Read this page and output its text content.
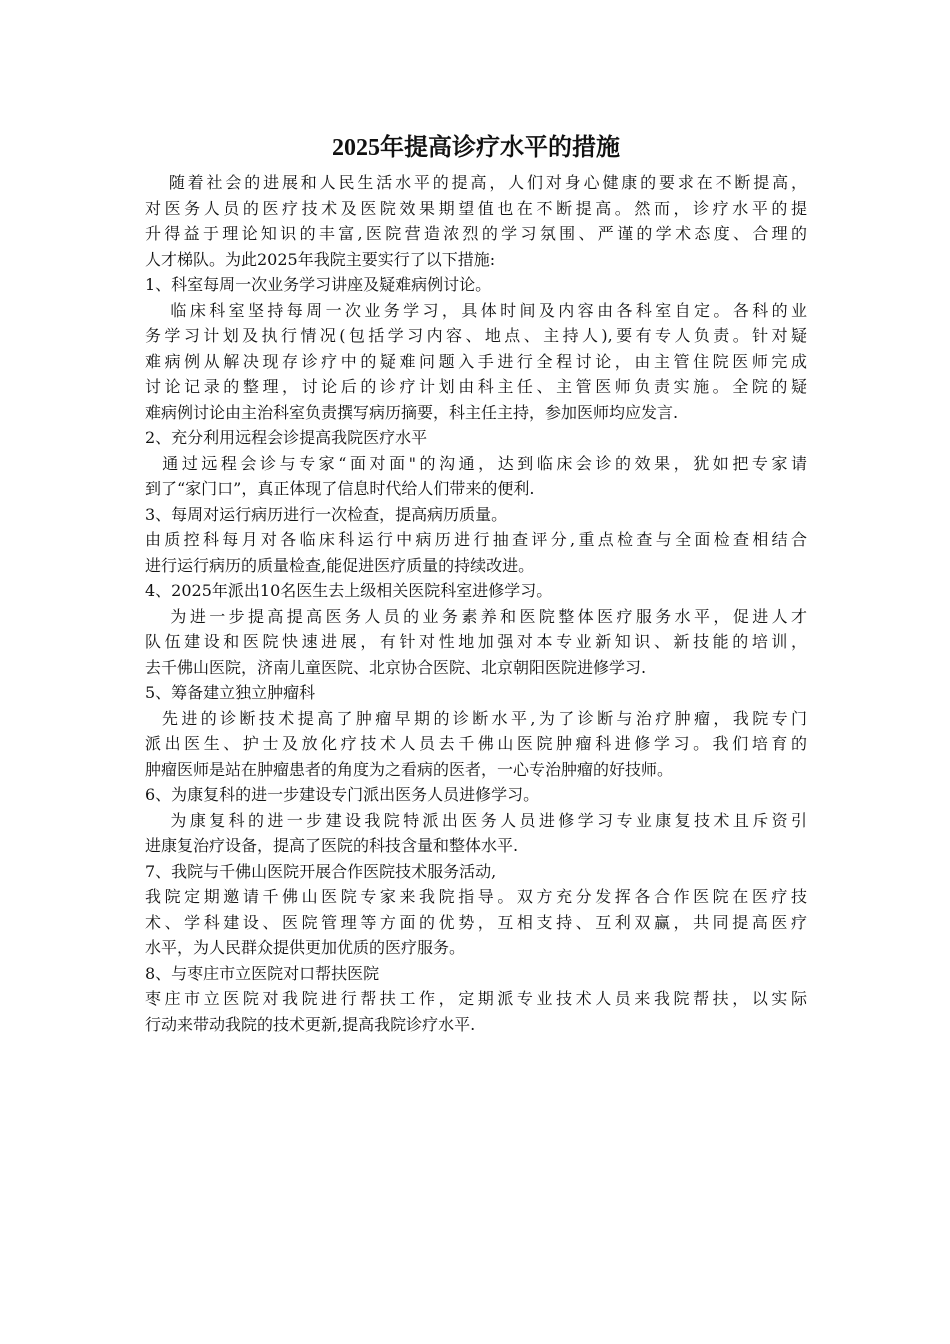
2025年提高诊疗水平的措施
随着社会的进展和人民生活水平的提高，人们对身心健康的要求在不断提高，
对医务人员的医疗技术及医院效果期望值也在不断提高。然而，诊疗水平的提
升得益于理论知识的丰富,医院营造浓烈的学习氛围、严谨的学术态度、合理的
人才梯队。为此2025年我院主要实行了以下措施:
1、科室每周一次业务学习讲座及疑难病例讨论。
临床科室坚持每周一次业务学习，具体时间及内容由各科室自定。各科的业
务学习计划及执行情况(包括学习内容、地点、主持人),要有专人负责。针对疑
难病例从解决现存诊疗中的疑难问题入手进行全程讨论，由主管住院医师完成
讨论记录的整理，讨论后的诊疗计划由科主任、主管医师负责实施。全院的疑
难病例讨论由主治科室负责撰写病历摘要，科主任主持，参加医师均应发言.
2、充分利用远程会诊提高我院医疗水平
通过远程会诊与专家“面对面"的沟通，达到临床会诊的效果，犹如把专家请
到了“家门口”，真正体现了信息时代给人们带来的便利.
3、每周对运行病历进行一次检查，提高病历质量。
由质控科每月对各临床科运行中病历进行抽查评分,重点检查与全面检查相结合
进行运行病历的质量检查,能促进医疗质量的持续改进。
4、2025年派出10名医生去上级相关医院科室进修学习。
为进一步提高提高医务人员的业务素养和医院整体医疗服务水平，促进人才
队伍建设和医院快速进展，有针对性地加强对本专业新知识、新技能的培训，
去千佛山医院，济南儿童医院、北京协合医院、北京朝阳医院进修学习.
5、筹备建立独立肿瘤科
先进的诊断技术提高了肿瘤早期的诊断水平,为了诊断与治疗肿瘤，我院专门
派出医生、护士及放化疗技术人员去千佛山医院肿瘤科进修学习。我们培育的
肿瘤医师是站在肿瘤患者的角度为之看病的医者，一心专治肿瘤的好技师。
6、为康复科的进一步建设专门派出医务人员进修学习。
为康复科的进一步建设我院特派出医务人员进修学习专业康复技术且斥资引
进康复治疗设备，提高了医院的科技含量和整体水平.
7、我院与千佛山医院开展合作医院技术服务活动,
我院定期邀请千佛山医院专家来我院指导。双方充分发挥各合作医院在医疗技
术、学科建设、医院管理等方面的优势，互相支持、互利双赢，共同提高医疗
水平，为人民群众提供更加优质的医疗服务。
8、与枣庄市立医院对口帮扶医院
枣庄市立医院对我院进行帮扶工作，定期派专业技术人员来我院帮扶，以实际
行动来带动我院的技术更新,提高我院诊疗水平.
